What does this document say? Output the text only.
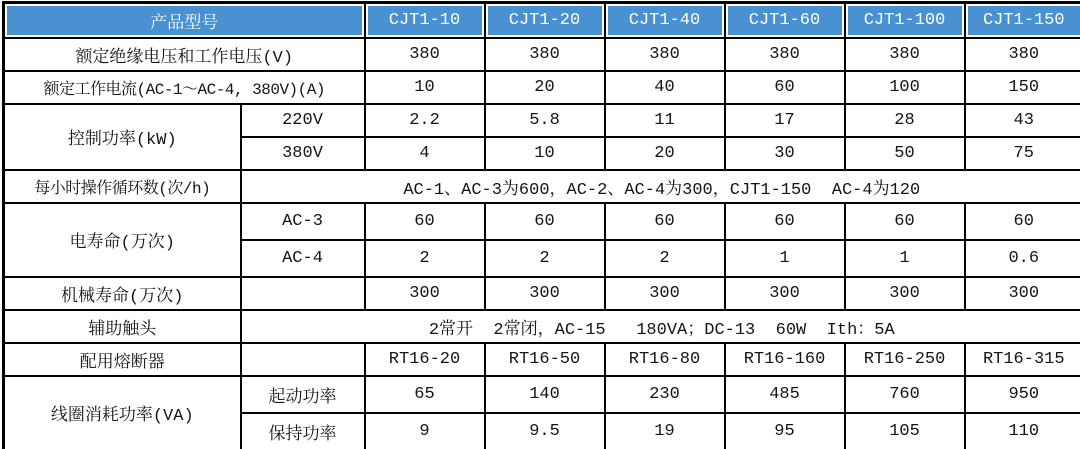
产品型号		CJT1-10	CJT1-20	CJT1-40	CJT1-60	CJT1-100	CJT1-150
额定绝缘电压和工作电压(V)		380	380	380	380	380	380
额定工作电流(AC-1～AC-4, 380V)(A)		10	20	40	60	100	150
控制功率(kW)	220V	2.2	5.8	11	17	28	43
	380V	4	10	20	30	50	75
每小时操作循环数(次/h)	AC-1、AC-3为600，AC-2、AC-4为300，CJT1-150  AC-4为120						
电寿命(万次)	AC-3	60	60	60	60	60	60
	AC-4	2	2	2	1	1	0.6
机械寿命(万次)		300	300	300	300	300	300
辅助触头	2常开  2常闭，AC-15   180VA；DC-13  60W  Ith：5A						
配用熔断器		RT16-20	RT16-50	RT16-80	RT16-160	RT16-250	RT16-315
线圈消耗功率(VA)	起动功率	65	140	230	485	760	950
	保持功率	9	9.5	19	95	105	110
